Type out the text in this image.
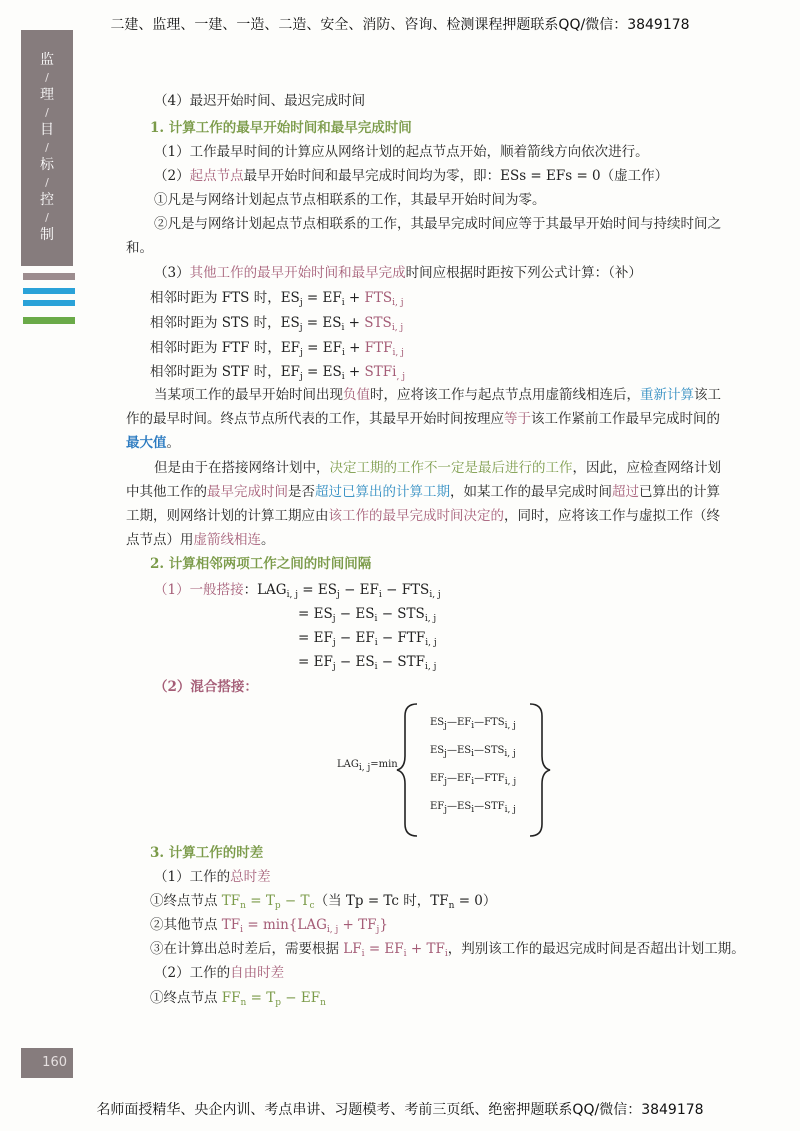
二建、监理、一建、一造、二造、安全、消防、咨询、检测课程押题联系QQ/微信：3849178
监
/
理
/
目
/
标
/
控
/
制
（4）最迟开始时间、最迟完成时间
1. 计算工作的最早开始时间和最早完成时间
（1）工作最早时间的计算应从网络计划的起点节点开始，顺着箭线方向依次进行。
（2）起点节点最早开始时间和最早完成时间均为零，即：ESs = EFs = 0（虚工作）
①凡是与网络计划起点节点相联系的工作，其最早开始时间为零。
②凡是与网络计划起点节点相联系的工作，其最早完成时间应等于其最早开始时间与持续时间之
和。
（3）其他工作的最早开始时间和最早完成时间应根据时距按下列公式计算：（补）
相邻时距为 FTS 时，$ES_j = EF_i + FTS_{i, j}$
相邻时距为 STS 时，$ES_j = ES_i + STS_{i, j}$
相邻时距为 FTF 时，$EF_j = EF_i + FTF_{i, j}$
相邻时距为 STF 时，$EF_j = ES_i$ + STFi$_{, j}$
当某项工作的最早开始时间出现负值时，应将该工作与起点节点用虚箭线相连后，重新计算该工
作的最早时间。终点节点所代表的工作，其最早开始时间按理应等于该工作紧前工作最早完成时间的
最大值。
但是由于在搭接网络计划中，决定工期的工作不一定是最后进行的工作，因此，应检查网络计划
中其他工作的最早完成时间是否超过已算出的计算工期，如某工作的最早完成时间超过已算出的计算
工期，则网络计划的计算工期应由该工作的最早完成时间决定的，同时，应将该工作与虚拟工作（终
点节点）用虚箭线相连。
2. 计算相邻两项工作之间的时间间隔
（1）一般搭接：$LAG_{i, j} = ES_j - EF_i - FTS_{i, j}$
= $ES_j - ES_i - STS_{i, j}$
= $EF_j - EF_i - FTF_{i, j}$
= $EF_j - ES_i - STF_{i, j}$
（2）混合搭接：
$LAG_{i, j}=\min$
$ES_j—EF_i—FTS_{i, j}$
$ES_j—ES_i—STS_{i, j}$
$EF_j—EF_i—FTF_{i, j}$
$EF_j—ES_i—STF_{i, j}$
3. 计算工作的时差
（1）工作的总时差
①终点节点 $TF_n = T_p - T_c$（当 Tp = Tc 时，$TF_n = 0$）
②其他节点 $TF_i = \min\{LAG_{i, j} + TF_j\}$
③在计算出总时差后，需要根据 $LF_i = EF_i + TF_i$，判别该工作的最迟完成时间是否超出计划工期。
（2）工作的自由时差
①终点节点 $FF_n = T_p - EF_n$
160
名师面授精华、央企内训、考点串讲、习题模考、考前三页纸、绝密押题联系QQ/微信：3849178
